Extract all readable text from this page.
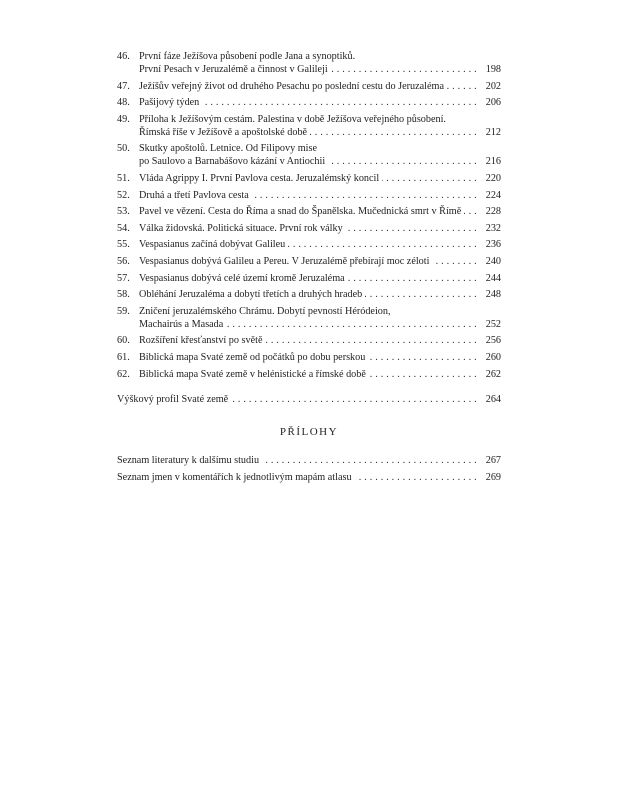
46. První fáze Ježíšova působení podle Jana a synoptiků.
První Pesach v Jeruzalémě a činnost v Galileji . . .	198
47. Ježíšův veřejný život od druhého Pesachu po poslední cestu do Jeruzaléma . . .	202
48. Pašijový týden . . .	206
49. Příloha k Ježíšovým cestám. Palestina v době Ježíšova veřejného působení.
Římská říše v Ježíšově a apoštolské době . . .	212
50. Skutky apoštolů. Letnice. Od Filipovy mise
po Saulovo a Barnabášovo kázání v Antiochii . . .	216
51. Vláda Agrippy I. První Pavlova cesta. Jeruzalémský koncil . . .	220
52. Druhá a třetí Pavlova cesta . . .	224
53. Pavel ve vězení. Cesta do Říma a snad do Španělska. Mučednická smrt v Římě . . .	228
54. Válka židovská. Politická situace. První rok války . . .	232
55. Vespasianus začíná dobývat Galileu . . .	236
56. Vespasianus dobývá Galileu a Pereu. V Jeruzalémě přebírají moc zéloti . . .	240
57. Vespasianus dobývá celé území kromě Jeruzaléma . . .	244
58. Obléhání Jeruzaléma a dobytí třetích a druhých hradeb . . .	248
59. Zničení jeruzalémského Chrámu. Dobytí pevností Héródeion,
Machairús a Masada . . .	252
60. Rozšíření křesťanství po světě . . .	256
61. Biblická mapa Svaté země od počátků po dobu perskou . . .	260
62. Biblická mapa Svaté země v helénistické a římské době . . .	262
Výškový profil Svaté země . . .	264
PŘÍLOHY
Seznam literatury k dalšímu studiu . . .	267
Seznam jmen v komentářích k jednotlivým mapám atlasu . . .	269
